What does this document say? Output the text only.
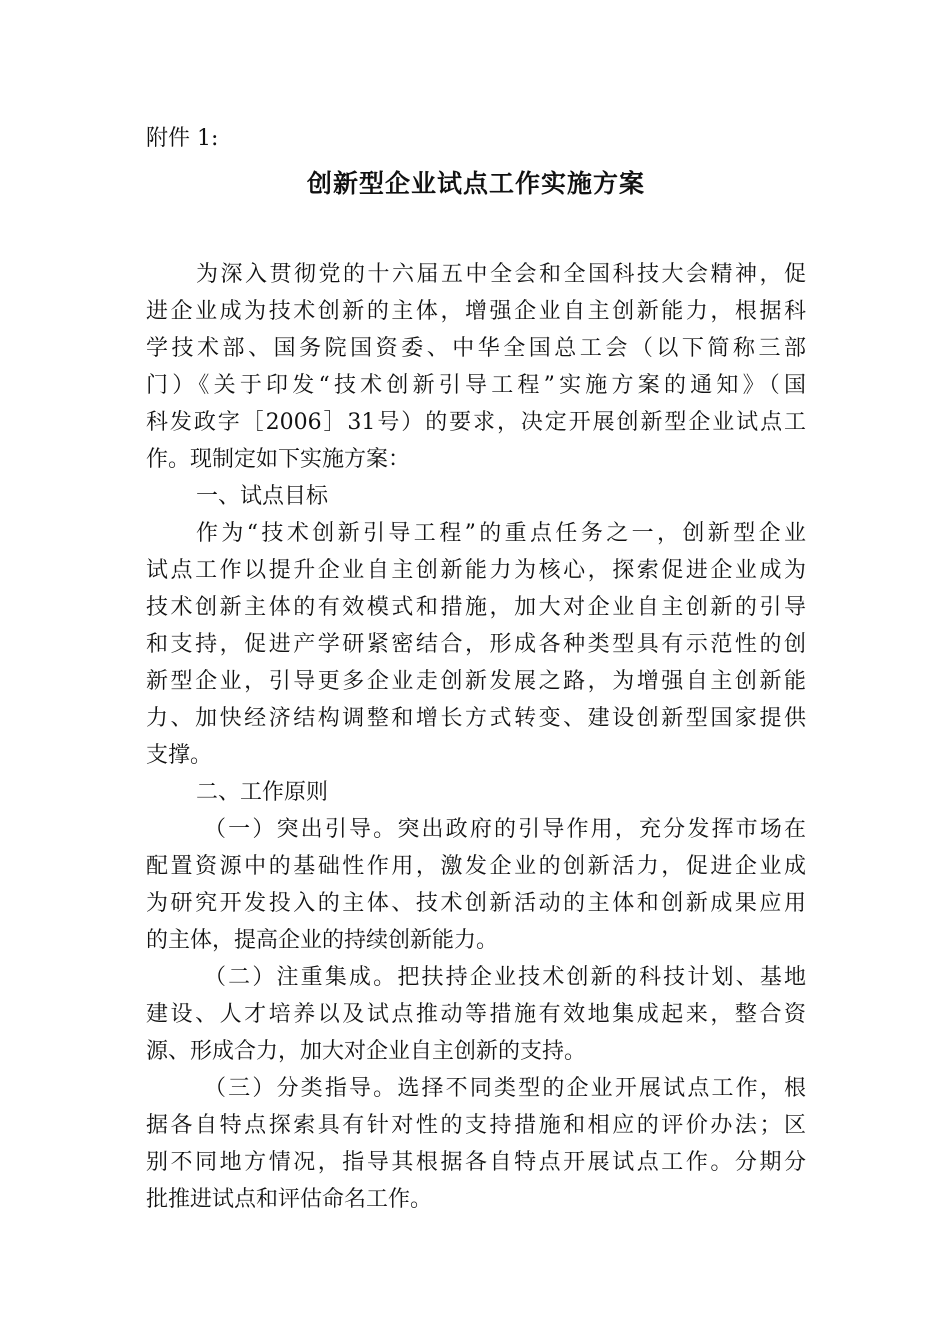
附件 1:
创新型企业试点工作实施方案
为深入贯彻党的十六届五中全会和全国科技大会精神，促
进企业成为技术创新的主体，增强企业自主创新能力，根据科
学技术部、国务院国资委、中华全国总工会（以下简称三部
门）《关于印发“技术创新引导工程”实施方案的通知》（国
科发政字［2006］31号）的要求，决定开展创新型企业试点工
作。现制定如下实施方案：
一、试点目标
作为“技术创新引导工程”的重点任务之一，创新型企业
试点工作以提升企业自主创新能力为核心，探索促进企业成为
技术创新主体的有效模式和措施，加大对企业自主创新的引导
和支持，促进产学研紧密结合，形成各种类型具有示范性的创
新型企业，引导更多企业走创新发展之路，为增强自主创新能
力、加快经济结构调整和增长方式转变、建设创新型国家提供
支撑。
二、工作原则
（一）突出引导。突出政府的引导作用，充分发挥市场在
配置资源中的基础性作用，激发企业的创新活力，促进企业成
为研究开发投入的主体、技术创新活动的主体和创新成果应用
的主体，提高企业的持续创新能力。
（二）注重集成。把扶持企业技术创新的科技计划、基地
建设、人才培养以及试点推动等措施有效地集成起来，整合资
源、形成合力，加大对企业自主创新的支持。
（三）分类指导。选择不同类型的企业开展试点工作，根
据各自特点探索具有针对性的支持措施和相应的评价办法；区
别不同地方情况，指导其根据各自特点开展试点工作。分期分
批推进试点和评估命名工作。
